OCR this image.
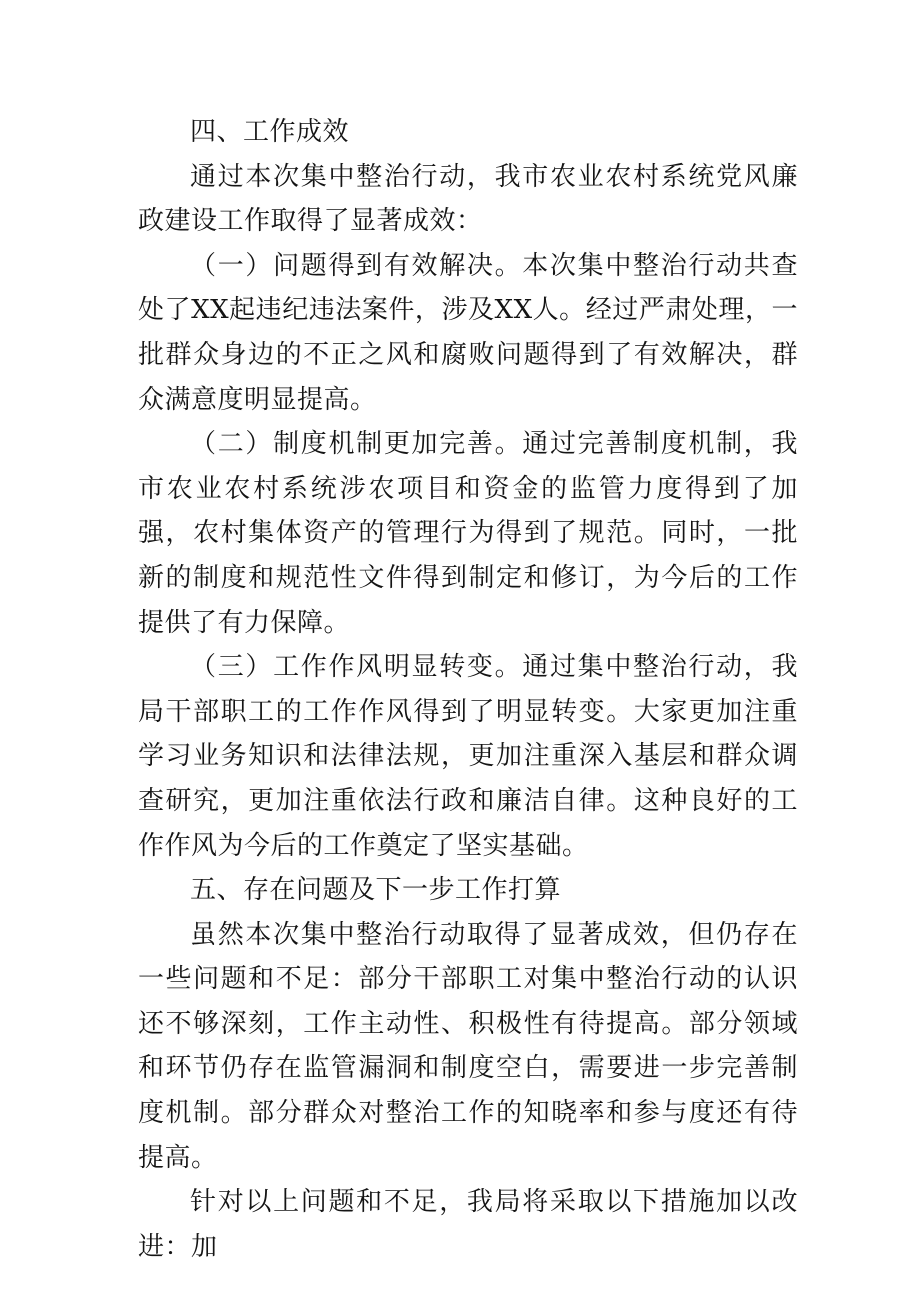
四、工作成效

通过本次集中整治行动，我市农业农村系统党风廉政建设工作取得了显著成效：

（一）问题得到有效解决。本次集中整治行动共查处了XX起违纪违法案件，涉及XX人。经过严肃处理，一批群众身边的不正之风和腐败问题得到了有效解决，群众满意度明显提高。

（二）制度机制更加完善。通过完善制度机制，我市农业农村系统涉农项目和资金的监管力度得到了加强，农村集体资产的管理行为得到了规范。同时，一批新的制度和规范性文件得到制定和修订，为今后的工作提供了有力保障。

（三）工作作风明显转变。通过集中整治行动，我局干部职工的工作作风得到了明显转变。大家更加注重学习业务知识和法律法规，更加注重深入基层和群众调查研究，更加注重依法行政和廉洁自律。这种良好的工作作风为今后的工作奠定了坚实基础。

五、存在问题及下一步工作打算

虽然本次集中整治行动取得了显著成效，但仍存在一些问题和不足：部分干部职工对集中整治行动的认识还不够深刻，工作主动性、积极性有待提高。部分领域和环节仍存在监管漏洞和制度空白，需要进一步完善制度机制。部分群众对整治工作的知晓率和参与度还有待提高。

针对以上问题和不足，我局将采取以下措施加以改进：加
